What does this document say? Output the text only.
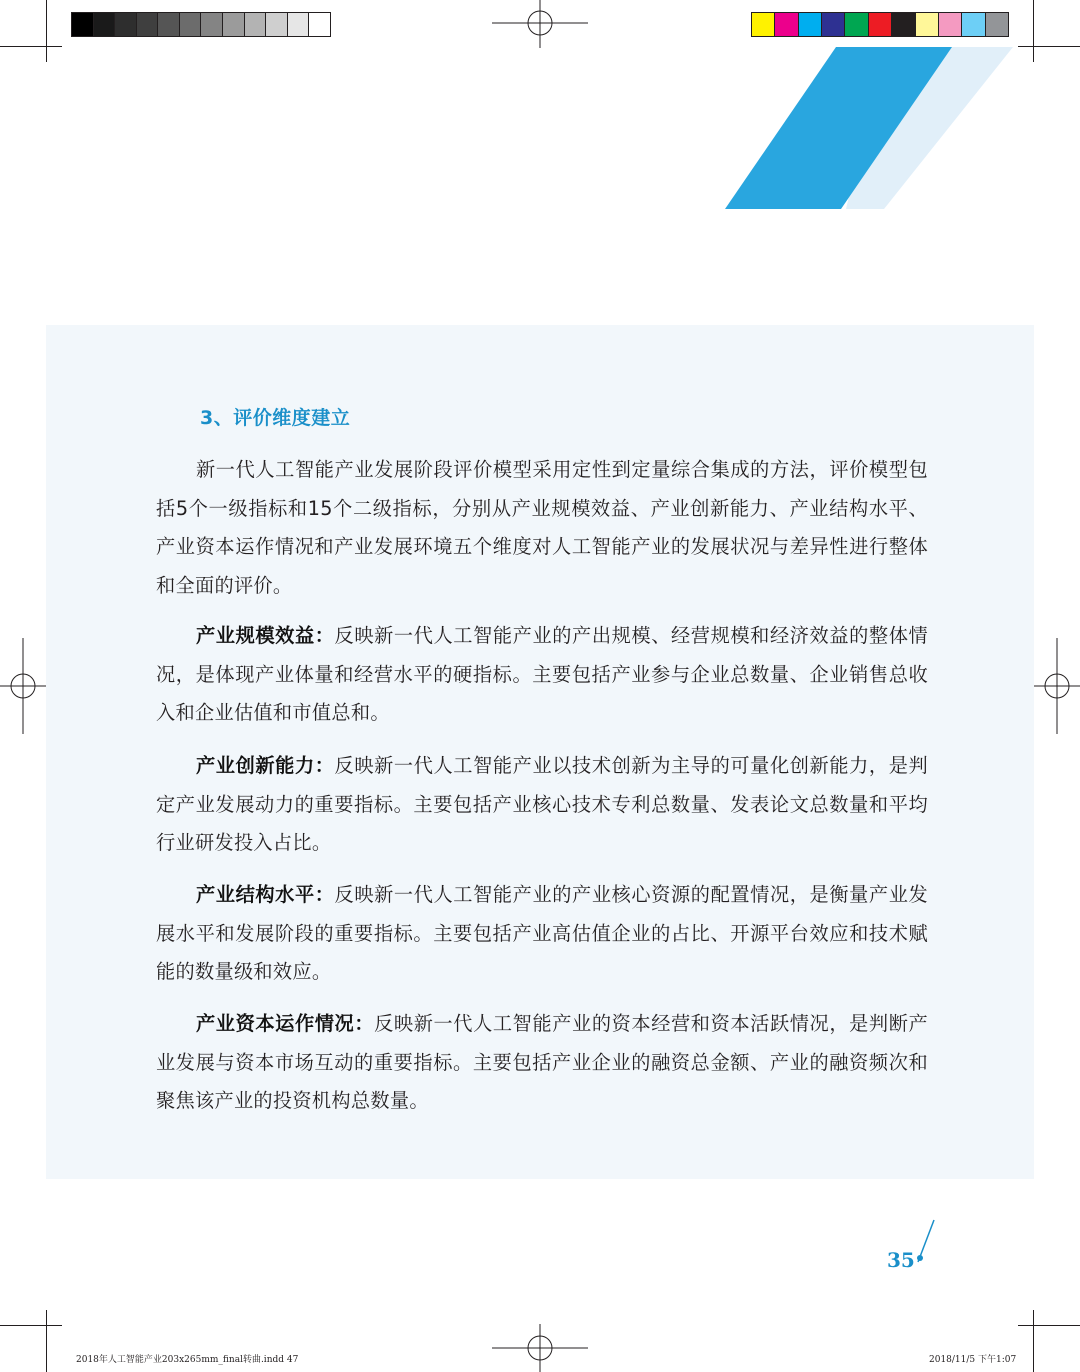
3、评价维度建立

新一代人工智能产业发展阶段评价模型采用定性到定量综合集成的方法，评价模型包括5个一级指标和15个二级指标，分别从产业规模效益、产业创新能力、产业结构水平、产业资本运作情况和产业发展环境五个维度对人工智能产业的发展状况与差异性进行整体和全面的评价。

产业规模效益：反映新一代人工智能产业的产出规模、经营规模和经济效益的整体情况，是体现产业体量和经营水平的硬指标。主要包括产业参与企业总数量、企业销售总收入和企业估值和市值总和。

产业创新能力：反映新一代人工智能产业以技术创新为主导的可量化创新能力，是判定产业发展动力的重要指标。主要包括产业核心技术专利总数量、发表论文总数量和平均行业研发投入占比。

产业结构水平：反映新一代人工智能产业的产业核心资源的配置情况，是衡量产业发展水平和发展阶段的重要指标。主要包括产业高估值企业的占比、开源平台效应和技术赋能的数量级和效应。

产业资本运作情况：反映新一代人工智能产业的资本经营和资本活跃情况，是判断产业发展与资本市场互动的重要指标。主要包括产业企业的融资总金额、产业的融资频次和聚焦该产业的投资机构总数量。

35
2018年人工智能产业203x265mm_final转曲.indd 47	2018/11/5 下午1:07
